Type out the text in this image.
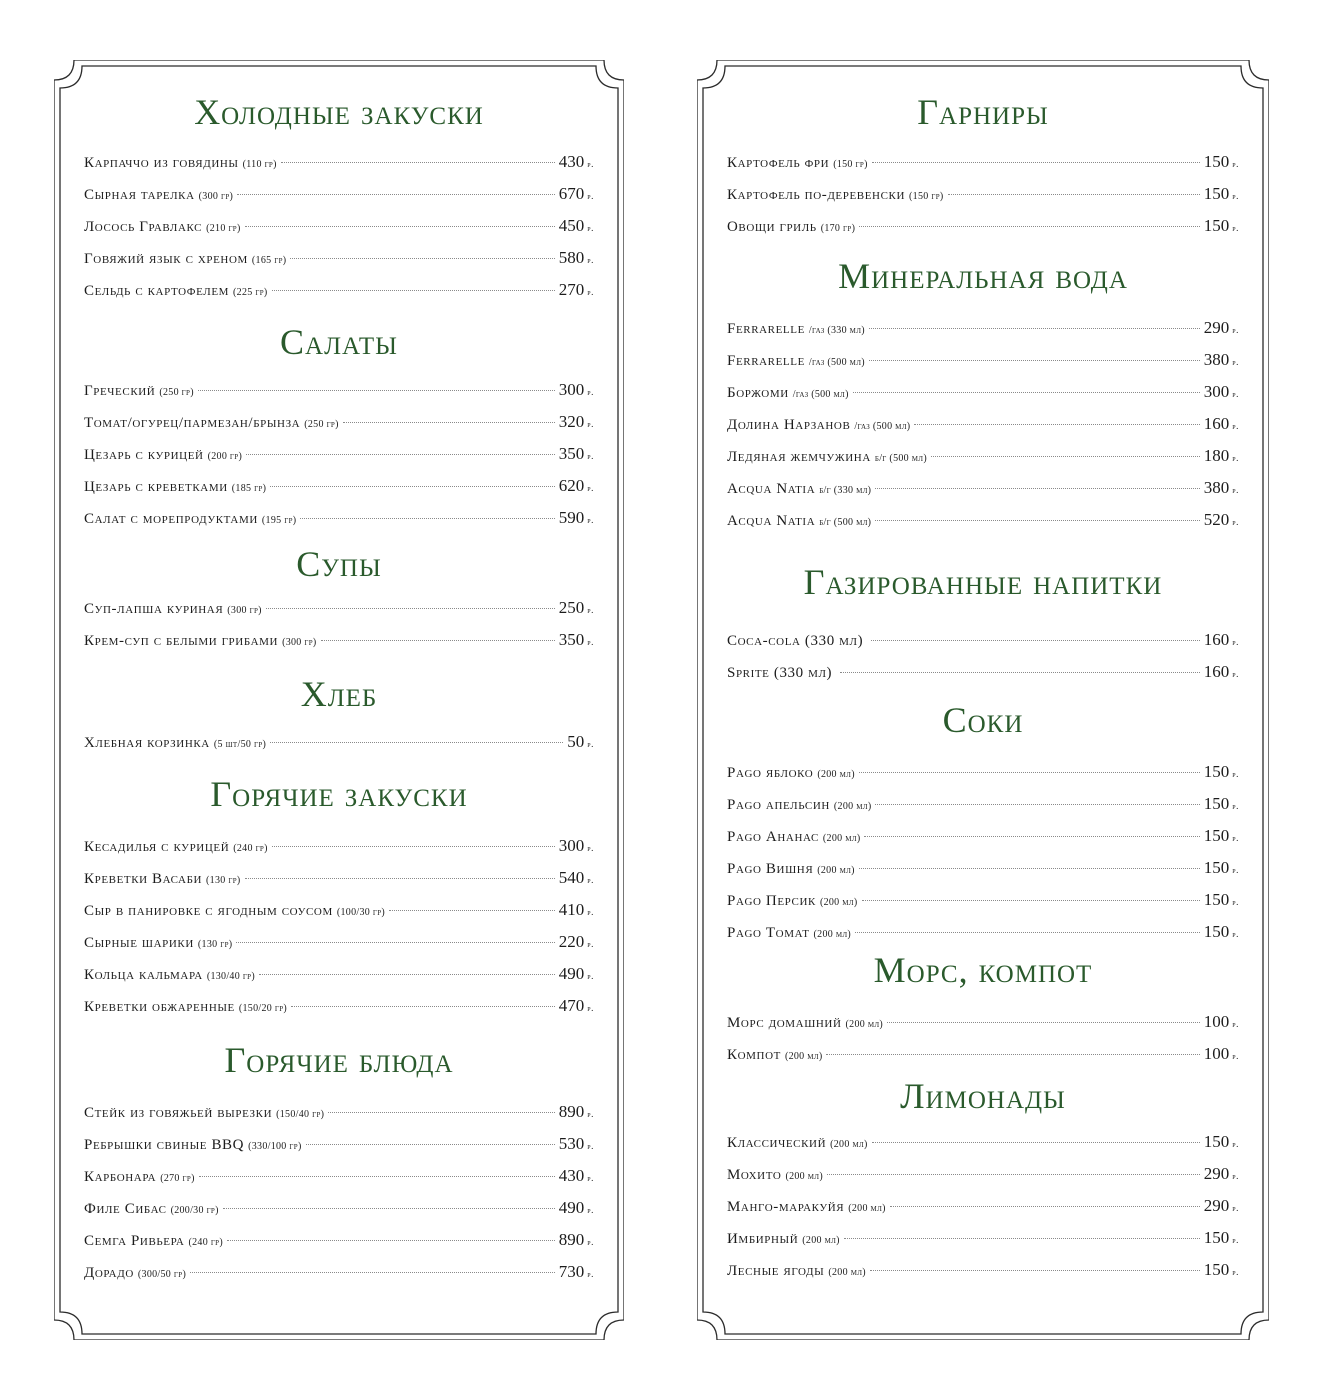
Холодные закуски
Карпаччо из говядины (110 гр)	430 р.
Сырная тарелка (300 гр)	670 р.
Лосось Гравлакс (210 гр)	450 р.
Говяжий язык с хреном (165 гр)	580 р.
Сельдь с картофелем (225 гр)	270 р.
Салаты
Греческий (250 гр)	300 р.
Томат/огурец/пармезан/брынза (250 гр)	320 р.
Цезарь с курицей (200 гр)	350 р.
Цезарь с креветками (185 гр)	620 р.
Салат с морепродуктами (195 гр)	590 р.
Супы
Суп-лапша куриная (300 гр)	250 р.
Крем-суп с белыми грибами (300 гр)	350 р.
Хлеб
Хлебная корзинка (5 шт/50 гр)	50 р.
Горячие закуски
Кесадилья с курицей (240 гр)	300 р.
Креветки Васаби (130 гр)	540 р.
Сыр в панировке с ягодным соусом (100/30 гр)	410 р.
Сырные шарики (130 гр)	220 р.
Кольца кальмара (130/40 гр)	490 р.
Креветки обжаренные (150/20 гр)	470 р.
Горячие блюда
Стейк из говяжьей вырезки (150/40 гр)	890 р.
Ребрышки свиные BBQ (330/100 гр)	530 р.
Карбонара (270 гр)	430 р.
Филе Сибас (200/30 гр)	490 р.
Семга Ривьера (240 гр)	890 р.
Дорадо (300/50 гр)	730 р.
Гарниры
Картофель фри (150 гр)	150 р.
Картофель по-деревенски (150 гр)	150 р.
Овощи гриль (170 гр)	150 р.
Минеральная вода
Ferrarelle /газ (330 мл)	290 р.
Ferrarelle /газ (500 мл)	380 р.
Боржоми /газ (500 мл)	300 р.
Долина Нарзанов /газ (500 мл)	160 р.
Ледяная жемчужина б/г (500 мл)	180 р.
Acqua Natia б/г (330 мл)	380 р.
Acqua Natia б/г (500 мл)	520 р.
Газированные напитки
Coca-cola (330 мл)	160 р.
Sprite (330 мл)	160 р.
Соки
Pago яблоко (200 мл)	150 р.
Pago апельсин (200 мл)	150 р.
Pago Ананас (200 мл)	150 р.
Pago Вишня (200 мл)	150 р.
Pago Персик (200 мл)	150 р.
Pago Томат (200 мл)	150 р.
Морс, компот
Морс домашний (200 мл)	100 р.
Компот (200 мл)	100 р.
Лимонады
Классический (200 мл)	150 р.
Мохито (200 мл)	290 р.
Манго-маракуйя (200 мл)	290 р.
Имбирный (200 мл)	150 р.
Лесные ягоды (200 мл)	150 р.
